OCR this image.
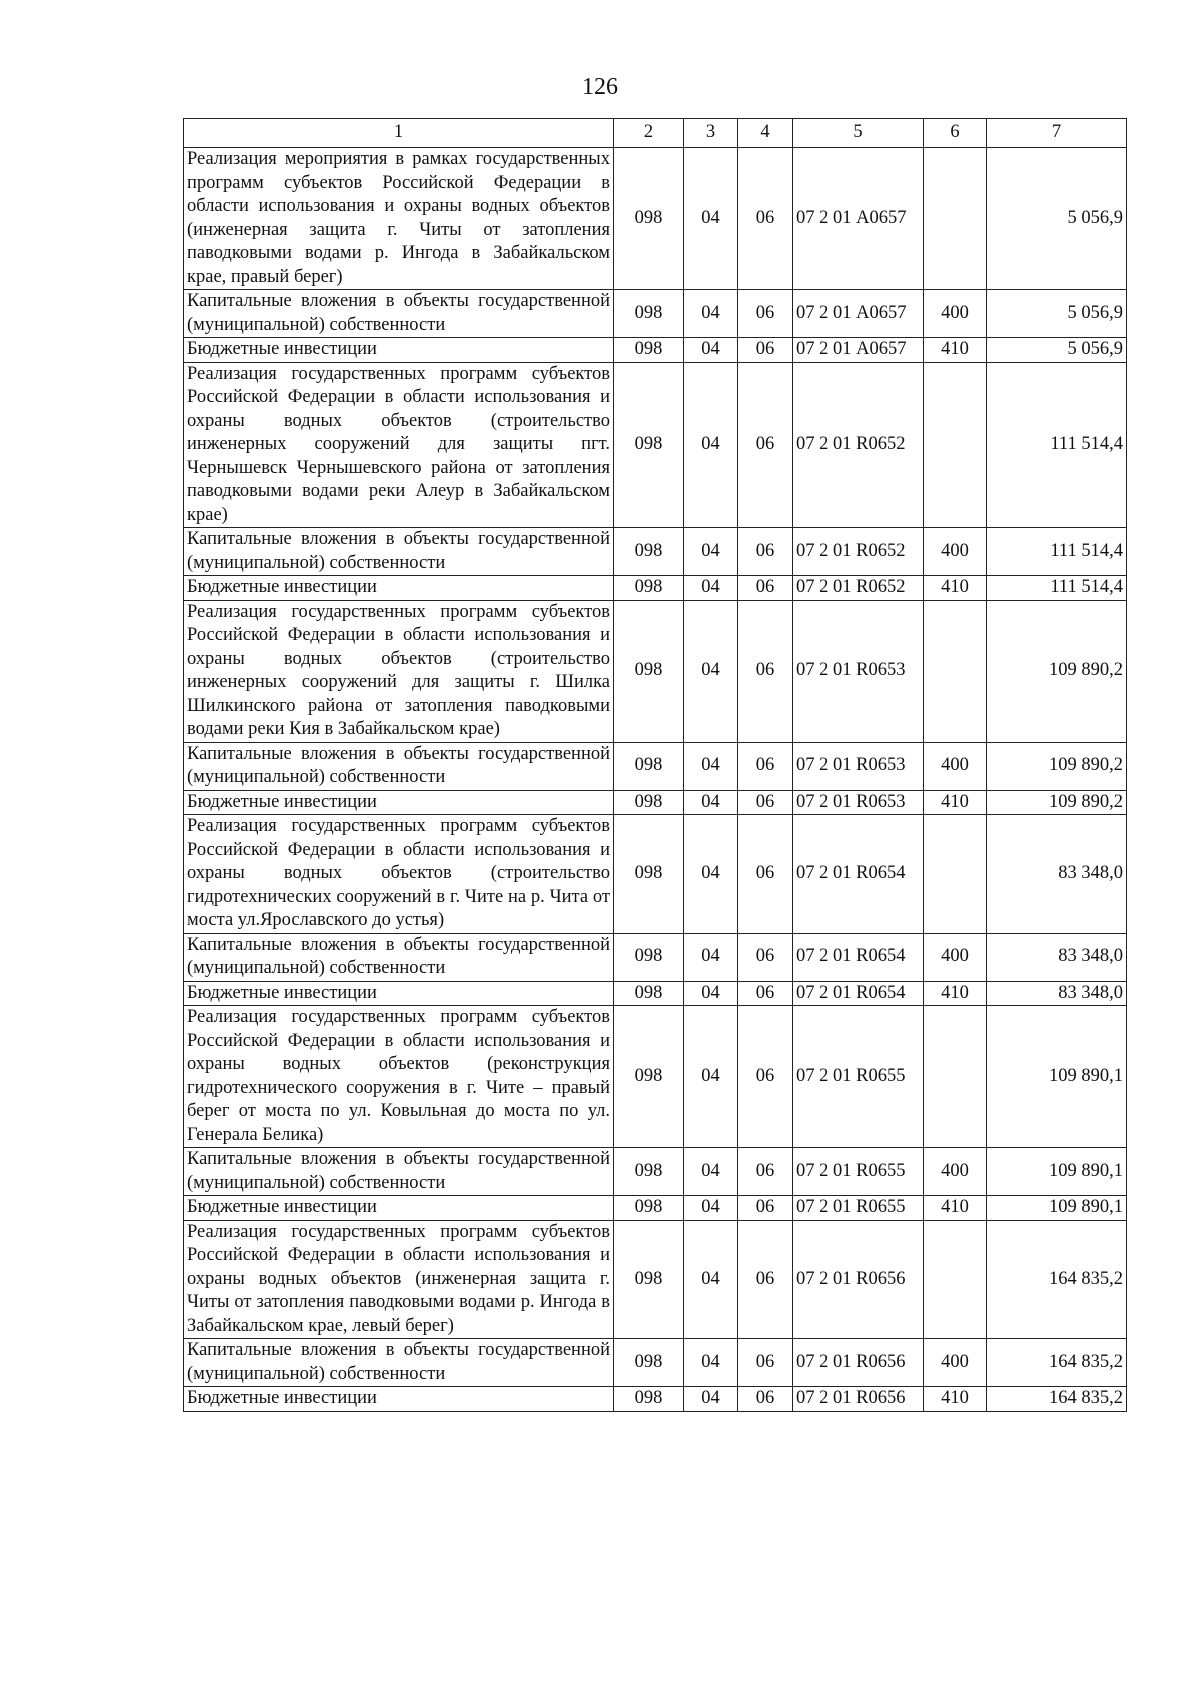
126
1	2	3	4	5	6	7
Реализация мероприятия в рамках государственных программ субъектов Российской Федерации в области использования и охраны водных объектов (инженерная защита г. Читы от затопления паводковыми водами р. Ингода в Забайкальском крае, правый берег)	098	04	06	07 2 01 А0657		5 056,9
Капитальные вложения в объекты государственной (муниципальной) собственности	098	04	06	07 2 01 А0657	400	5 056,9
Бюджетные инвестиции	098	04	06	07 2 01 А0657	410	5 056,9
Реализация государственных программ субъектов Российской Федерации в области использования и охраны водных объектов (строительство инженерных сооружений для защиты пгт. Чернышевск Чернышевского района от затопления паводковыми водами реки Алеур в Забайкальском крае)	098	04	06	07 2 01 R0652		111 514,4
Капитальные вложения в объекты государственной (муниципальной) собственности	098	04	06	07 2 01 R0652	400	111 514,4
Бюджетные инвестиции	098	04	06	07 2 01 R0652	410	111 514,4
Реализация государственных программ субъектов Российской Федерации в области использования и охраны водных объектов (строительство инженерных сооружений для защиты г. Шилка Шилкинского района от затопления паводковыми водами реки Кия в Забайкальском крае)	098	04	06	07 2 01 R0653		109 890,2
Капитальные вложения в объекты государственной (муниципальной) собственности	098	04	06	07 2 01 R0653	400	109 890,2
Бюджетные инвестиции	098	04	06	07 2 01 R0653	410	109 890,2
Реализация государственных программ субъектов Российской Федерации в области использования и охраны водных объектов (строительство гидротехнических сооружений в г. Чите на р. Чита от моста ул.Ярославского до устья)	098	04	06	07 2 01 R0654		83 348,0
Капитальные вложения в объекты государственной (муниципальной) собственности	098	04	06	07 2 01 R0654	400	83 348,0
Бюджетные инвестиции	098	04	06	07 2 01 R0654	410	83 348,0
Реализация государственных программ субъектов Российской Федерации в области использования и охраны водных объектов (реконструкция гидротехнического сооружения в г. Чите – правый берег от моста по ул. Ковыльная до моста по ул. Генерала Белика)	098	04	06	07 2 01 R0655		109 890,1
Капитальные вложения в объекты государственной (муниципальной) собственности	098	04	06	07 2 01 R0655	400	109 890,1
Бюджетные инвестиции	098	04	06	07 2 01 R0655	410	109 890,1
Реализация государственных программ субъектов Российской Федерации в области использования и охраны водных объектов (инженерная защита г. Читы от затопления паводковыми водами р. Ингода в Забайкальском крае, левый берег)	098	04	06	07 2 01 R0656		164 835,2
Капитальные вложения в объекты государственной (муниципальной) собственности	098	04	06	07 2 01 R0656	400	164 835,2
Бюджетные инвестиции	098	04	06	07 2 01 R0656	410	164 835,2
